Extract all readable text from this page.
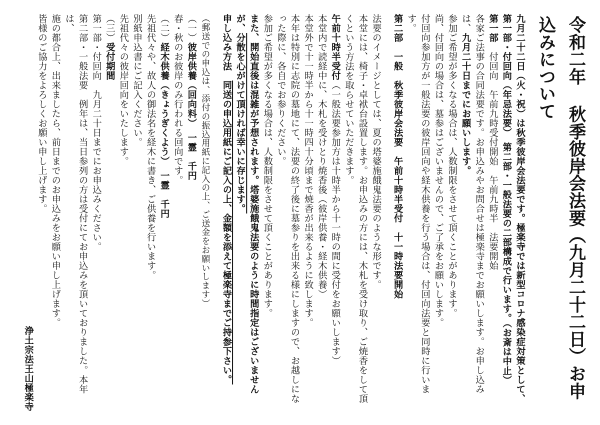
令和二年 秋季彼岸会法要（九月二十二日）お申込みについて

九月二十二日（火・祝）は秋季彼岸会法要です。極楽寺では新型コロナ感染症対策として、第一部・付回向（年忌法要）　第二部・一般法要の二部構成で行います。（お斎は中止）

第一部　付回向　午前九時受付開始　午前九時半　法要開始

各家ご法事の合同法要です。お申込みやお問合せは極楽寺までお願いします。お申し込みは、九月二十日までにお願いします。

参加ご希望が多くなる場合は、人数制限をさせて頂くことがあります。

尚、付回向の場合は、墓参はございませんので、ご了承をお願いします。

付回向参加方が一般法要の彼岸回向や経木供養を行う場合は、付回向法要と同時に行います。

第二部　一般　秋季彼岸会法要　午前十時半受付　十一時法要開始

法要のイメージとしては、夏の塔婆施餓鬼法要のような形です。

本堂には、椅子・卓袱台設置します。お申込みの方には、木札を受け取り、ご焼香をして頂くという方法を取らせていただきます。

午前十時半受付（一般法要参加方は十時半から十一時の間に受付をお願いします）

本堂内で読経中に、木札を受けとり焼香後（彼岸供養・経木供養）

本堂外で十一時半から十一時四十分頃まで焼香が出来るように致します。

本年は特別に志院の墓地にて、法要の終了後に墓参りを出来る様にしますので、お越しになった際に、各自でお参りください。

参加ご希望が多くなる場合は、人数制限をさせて頂くことがあります。

また、開始直後は混雑が予想されます。塔婆施餓鬼法要のように時間指定はございませんが、分散を心がけて頂ければ幸いに存じます。

申し込み方法　同送の申込用紙にご記入の上、金額を添えて極楽寺までご持参下さい。

（郵送での申込は、添付の振込用紙に記入の上、ご送金をお願いします）

（一）彼岸供養（回向料）　一霊　千円

春・秋のお彼岸のみ行われる回向です。

（二）経木供養（きょうぎくよう）　一霊　千円

先祖代々や、故人の御法名を経木に書き、ご供養を行います。

別紙申込書にご記入ください。

先祖代々の彼岸回向をいたします。

（三）受付期間

第一部・付回向　九月二十日までにお申込みください。

第二部・一般法要　例年は、当日参列の方は受付にてお申込みを頂いておりました。本年は、

施の都合上、出来ましたら、前日までのお申込みをお願い申し上げます。

皆様のご協力をよろしくお願い申し上げます。

浄土宗法王山極楽寺
